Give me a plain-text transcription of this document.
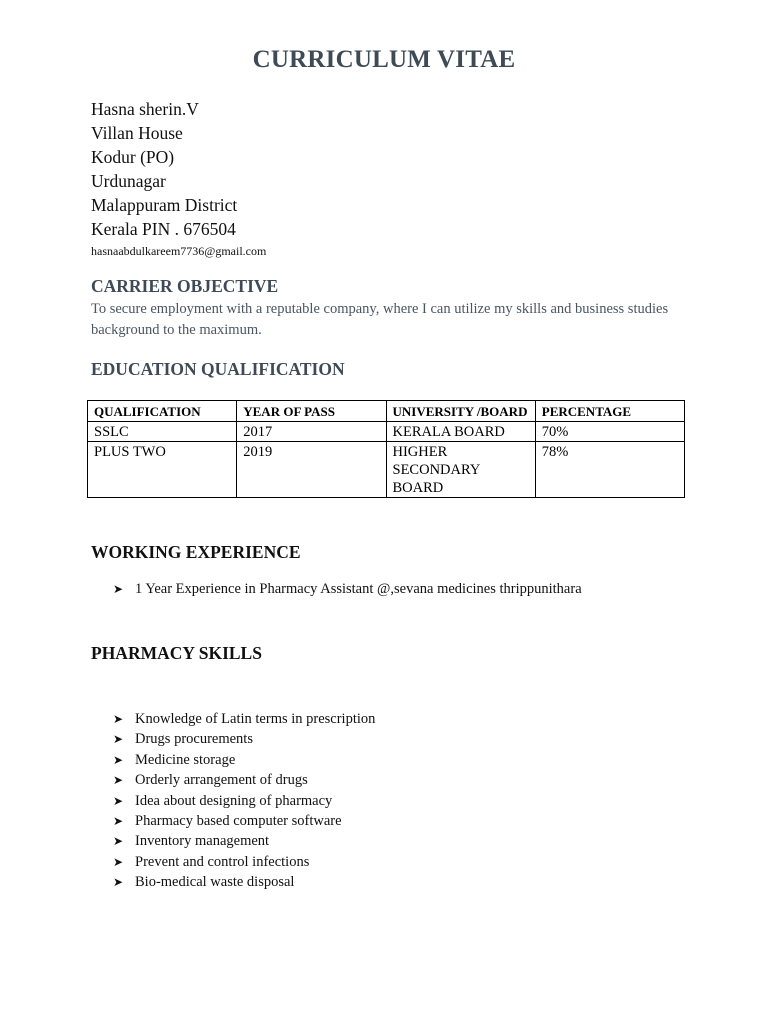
CURRICULUM VITAE
Hasna sherin.V
Villan House
Kodur (PO)
Urdunagar
Malappuram District
Kerala PIN . 676504
hasnaabdulkareem7736@gmail.com
CARRIER OBJECTIVE
To secure employment with a reputable company, where I can utilize my skills and business studies background to the maximum.
EDUCATION QUALIFICATION
QUALIFICATION	YEAR OF PASS	UNIVERSITY /BOARD	PERCENTAGE
SSLC	2017	KERALA BOARD	70%
PLUS TWO	2019	HIGHER SECONDARY BOARD	78%
WORKING EXPERIENCE
➤ 1 Year Experience in Pharmacy Assistant @,sevana medicines thrippunithara
PHARMACY SKILLS
➤ Knowledge of Latin terms in prescription
➤ Drugs procurements
➤ Medicine storage
➤ Orderly arrangement of drugs
➤ Idea about designing of pharmacy
➤ Pharmacy based computer software
➤ Inventory management
➤ Prevent and control infections
➤ Bio-medical waste disposal
